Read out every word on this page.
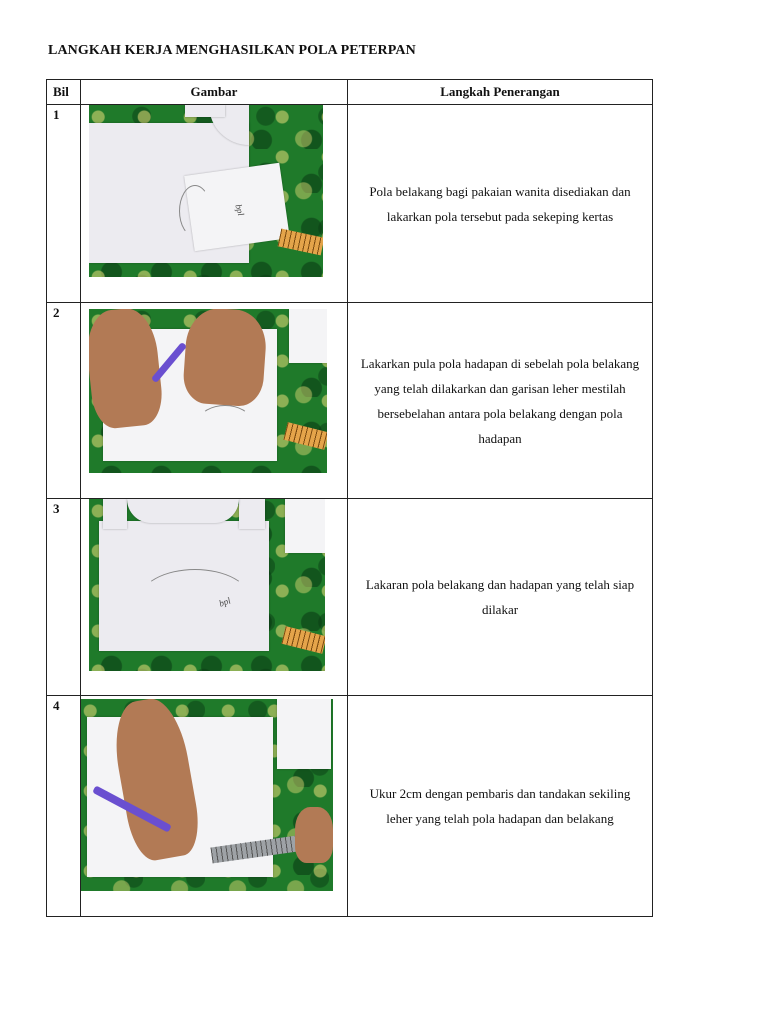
LANGKAH KERJA MENGHASILKAN POLA PETERPAN
Bil	Gambar	Langkah Penerangan
1	bpl	Pola belakang bagi pakaian wanita disediakan dan lakarkan pola tersebut pada sekeping kertas
2		Lakarkan pula pola hadapan di sebelah pola belakang yang telah dilakarkan dan garisan leher mestilah bersebelahan antara pola belakang dengan pola hadapan
3	bpl	Lakaran pola belakang dan hadapan yang telah siap dilakar
4		Ukur 2cm dengan pembaris dan tandakan sekiling leher yang telah pola hadapan dan belakang
